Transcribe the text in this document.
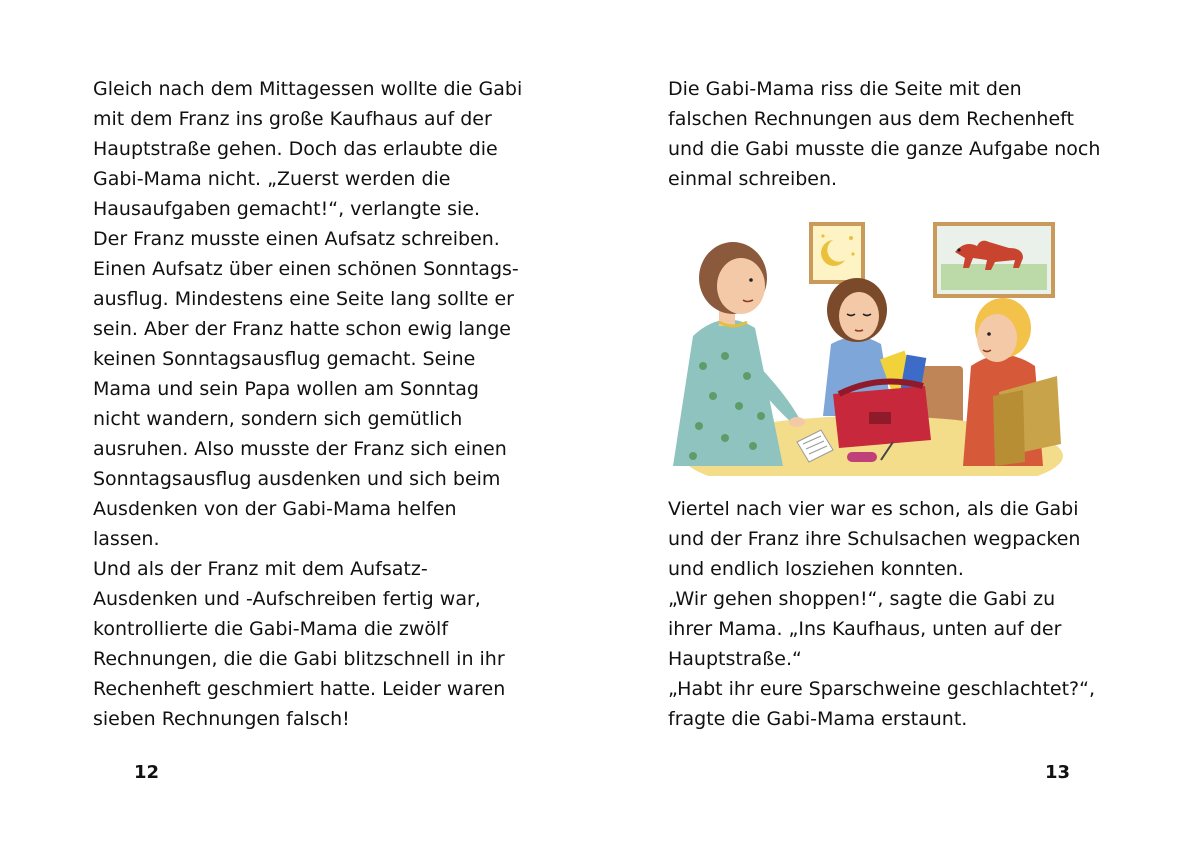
Gleich nach dem Mittagessen wollte die Gabi
mit dem Franz ins große Kaufhaus auf der
Hauptstraße gehen. Doch das erlaubte die
Gabi-Mama nicht. „Zuerst werden die
Hausaufgaben gemacht!“, verlangte sie.
Der Franz musste einen Aufsatz schreiben.
Einen Aufsatz über einen schönen Sonntags-
ausflug. Mindestens eine Seite lang sollte er
sein. Aber der Franz hatte schon ewig lange
keinen Sonntagsausflug gemacht. Seine
Mama und sein Papa wollen am Sonntag
nicht wandern, sondern sich gemütlich
ausruhen. Also musste der Franz sich einen
Sonntagsausflug ausdenken und sich beim
Ausdenken von der Gabi-Mama helfen
lassen.
Und als der Franz mit dem Aufsatz-
Ausdenken und -Aufschreiben fertig war,
kontrollierte die Gabi-Mama die zwölf
Rechnungen, die die Gabi blitzschnell in ihr
Rechenheft geschmiert hatte. Leider waren
sieben Rechnungen falsch!
12
Die Gabi-Mama riss die Seite mit den
falschen Rechnungen aus dem Rechenheft
und die Gabi musste die ganze Aufgabe noch
einmal schreiben.
Viertel nach vier war es schon, als die Gabi
und der Franz ihre Schulsachen wegpacken
und endlich losziehen konnten.
„Wir gehen shoppen!“, sagte die Gabi zu
ihrer Mama. „Ins Kaufhaus, unten auf der
Hauptstraße.“
„Habt ihr eure Sparschweine geschlachtet?“,
fragte die Gabi-Mama erstaunt.
13
